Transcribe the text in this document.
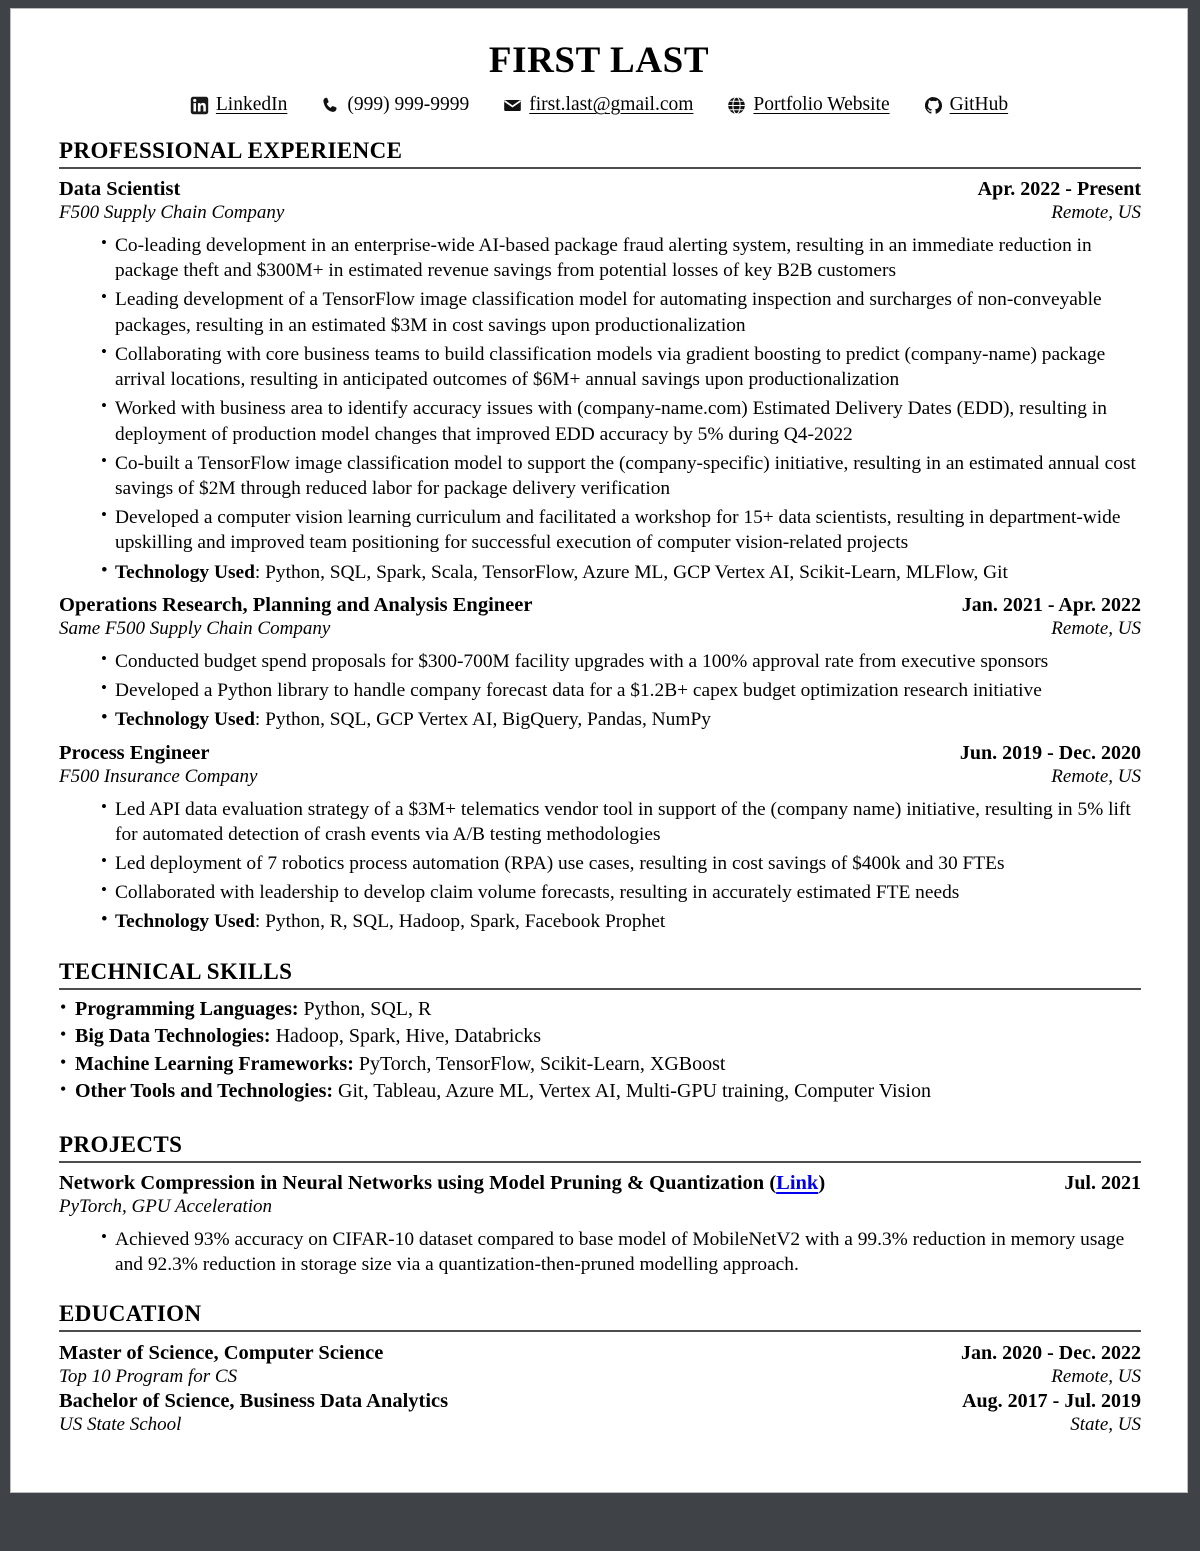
FIRST LAST
LinkedIn	(999) 999-9999	first.last@gmail.com	Portfolio Website	GitHub
PROFESSIONAL EXPERIENCE
Data Scientist	Apr. 2022 - Present
F500 Supply Chain Company	Remote, US
• Co-leading development in an enterprise-wide AI-based package fraud alerting system, resulting in an immediate reduction in package theft and $300M+ in estimated revenue savings from potential losses of key B2B customers
• Leading development of a TensorFlow image classification model for automating inspection and surcharges of non-conveyable packages, resulting in an estimated $3M in cost savings upon productionalization
• Collaborating with core business teams to build classification models via gradient boosting to predict (company-name) package arrival locations, resulting in anticipated outcomes of $6M+ annual savings upon productionalization
• Worked with business area to identify accuracy issues with (company-name.com) Estimated Delivery Dates (EDD), resulting in deployment of production model changes that improved EDD accuracy by 5% during Q4-2022
• Co-built a TensorFlow image classification model to support the (company-specific) initiative, resulting in an estimated annual cost savings of $2M through reduced labor for package delivery verification
• Developed a computer vision learning curriculum and facilitated a workshop for 15+ data scientists, resulting in department-wide upskilling and improved team positioning for successful execution of computer vision-related projects
• Technology Used: Python, SQL, Spark, Scala, TensorFlow, Azure ML, GCP Vertex AI, Scikit-Learn, MLFlow, Git
Operations Research, Planning and Analysis Engineer	Jan. 2021 - Apr. 2022
Same F500 Supply Chain Company	Remote, US
• Conducted budget spend proposals for $300-700M facility upgrades with a 100% approval rate from executive sponsors
• Developed a Python library to handle company forecast data for a $1.2B+ capex budget optimization research initiative
• Technology Used: Python, SQL, GCP Vertex AI, BigQuery, Pandas, NumPy
Process Engineer	Jun. 2019 - Dec. 2020
F500 Insurance Company	Remote, US
• Led API data evaluation strategy of a $3M+ telematics vendor tool in support of the (company name) initiative, resulting in 5% lift for automated detection of crash events via A/B testing methodologies
• Led deployment of 7 robotics process automation (RPA) use cases, resulting in cost savings of $400k and 30 FTEs
• Collaborated with leadership to develop claim volume forecasts, resulting in accurately estimated FTE needs
• Technology Used: Python, R, SQL, Hadoop, Spark, Facebook Prophet
TECHNICAL SKILLS
• Programming Languages: Python, SQL, R
• Big Data Technologies: Hadoop, Spark, Hive, Databricks
• Machine Learning Frameworks: PyTorch, TensorFlow, Scikit-Learn, XGBoost
• Other Tools and Technologies: Git, Tableau, Azure ML, Vertex AI, Multi-GPU training, Computer Vision
PROJECTS
Network Compression in Neural Networks using Model Pruning & Quantization (Link)	Jul. 2021
PyTorch, GPU Acceleration
• Achieved 93% accuracy on CIFAR-10 dataset compared to base model of MobileNetV2 with a 99.3% reduction in memory usage and 92.3% reduction in storage size via a quantization-then-pruned modelling approach.
EDUCATION
Master of Science, Computer Science	Jan. 2020 - Dec. 2022
Top 10 Program for CS	Remote, US
Bachelor of Science, Business Data Analytics	Aug. 2017 - Jul. 2019
US State School	State, US
